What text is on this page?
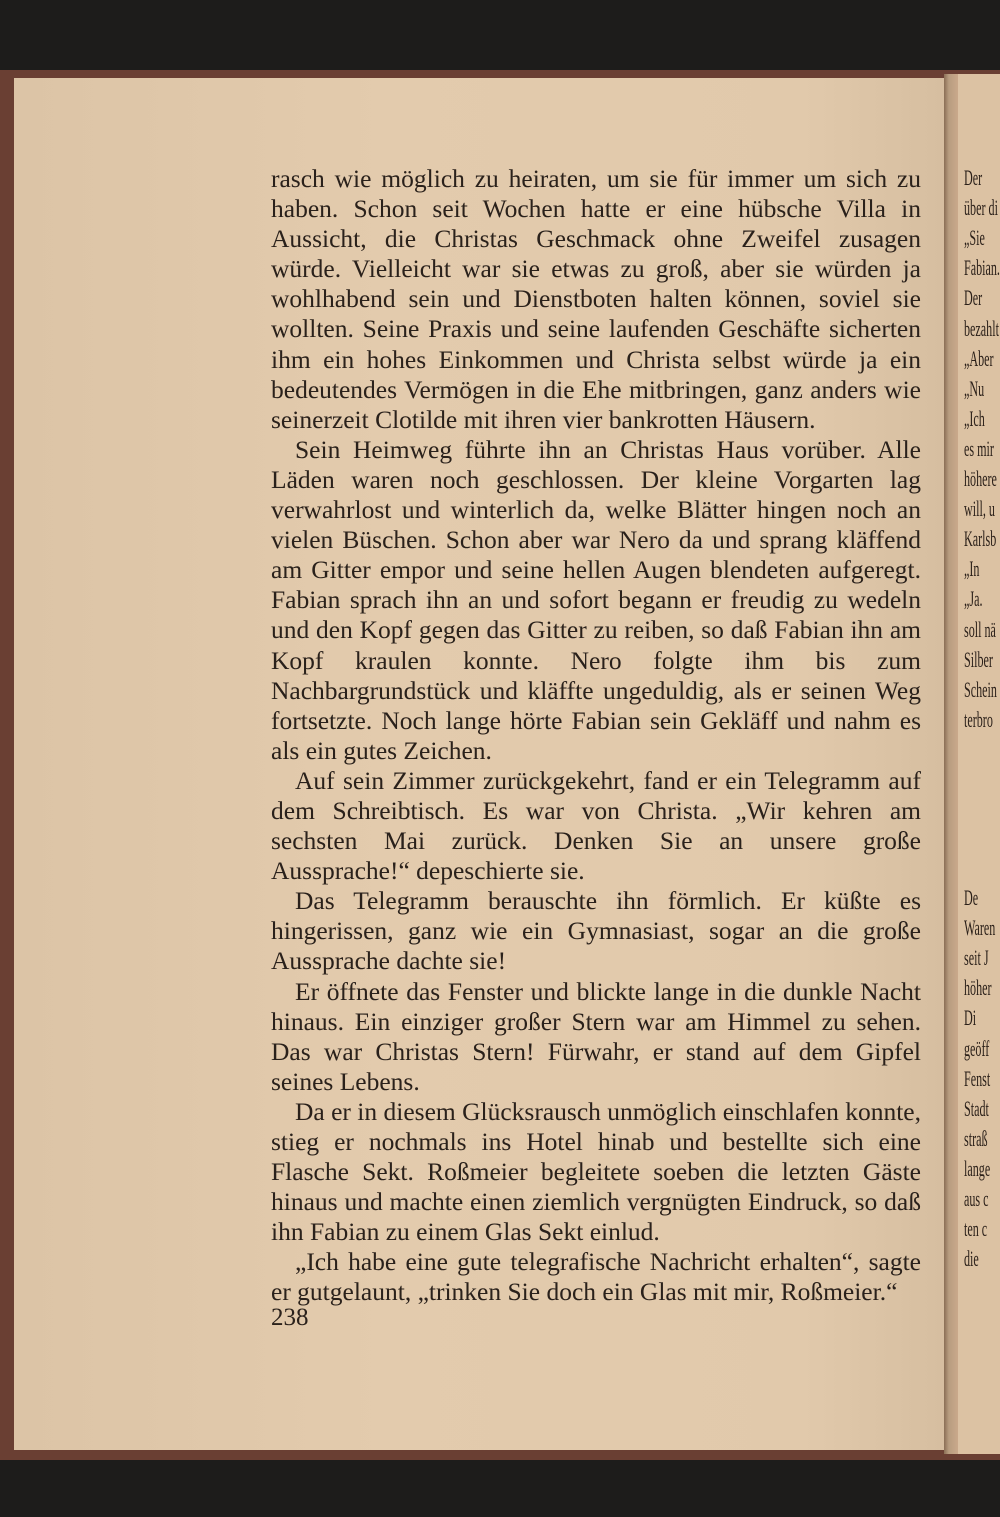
Der
über di
„Sie
Fabian.
Der
bezahlt
„Aber
„Nu
„Ich
es mir
höhere
will, u
Karlsb
„In
„Ja.
soll nä
Silber
Schein
terbro
De
Waren
seit J
höher
Di
geöff
Fenst
Stadt
straß
lange
aus c
ten c
die

rasch wie möglich zu heiraten, um sie für immer um sich zu haben. Schon seit Wochen hatte er eine hübsche Villa in Aussicht, die Christas Geschmack ohne Zweifel zusagen würde. Vielleicht war sie etwas zu groß, aber sie würden ja wohlhabend sein und Dienstboten halten können, soviel sie wollten. Seine Praxis und seine laufenden Geschäfte sicherten ihm ein hohes Einkommen und Christa selbst würde ja ein bedeutendes Vermögen in die Ehe mitbringen, ganz anders wie seinerzeit Clotilde mit ihren vier bankrotten Häusern.

Sein Heimweg führte ihn an Christas Haus vorüber. Alle Läden waren noch geschlossen. Der kleine Vorgarten lag verwahrlost und winterlich da, welke Blätter hingen noch an vielen Büschen. Schon aber war Nero da und sprang kläffend am Gitter empor und seine hellen Augen blendeten aufgeregt. Fabian sprach ihn an und sofort begann er freudig zu wedeln und den Kopf gegen das Gitter zu reiben, so daß Fabian ihn am Kopf kraulen konnte. Nero folgte ihm bis zum Nachbargrundstück und kläffte ungeduldig, als er seinen Weg fortsetzte. Noch lange hörte Fabian sein Gekläff und nahm es als ein gutes Zeichen.

Auf sein Zimmer zurückgekehrt, fand er ein Telegramm auf dem Schreibtisch. Es war von Christa. „Wir kehren am sechsten Mai zurück. Denken Sie an unsere große Aussprache!“ depeschierte sie.

Das Telegramm berauschte ihn förmlich. Er küßte es hingerissen, ganz wie ein Gymnasiast, sogar an die große Aussprache dachte sie!

Er öffnete das Fenster und blickte lange in die dunkle Nacht hinaus. Ein einziger großer Stern war am Himmel zu sehen. Das war Christas Stern! Fürwahr, er stand auf dem Gipfel seines Lebens.

Da er in diesem Glücksrausch unmöglich einschlafen konnte, stieg er nochmals ins Hotel hinab und bestellte sich eine Flasche Sekt. Roßmeier begleitete soeben die letzten Gäste hinaus und machte einen ziemlich vergnügten Eindruck, so daß ihn Fabian zu einem Glas Sekt einlud.

„Ich habe eine gute telegrafische Nachricht erhalten“, sagte er gutgelaunt, „trinken Sie doch ein Glas mit mir, Roßmeier.“

238
